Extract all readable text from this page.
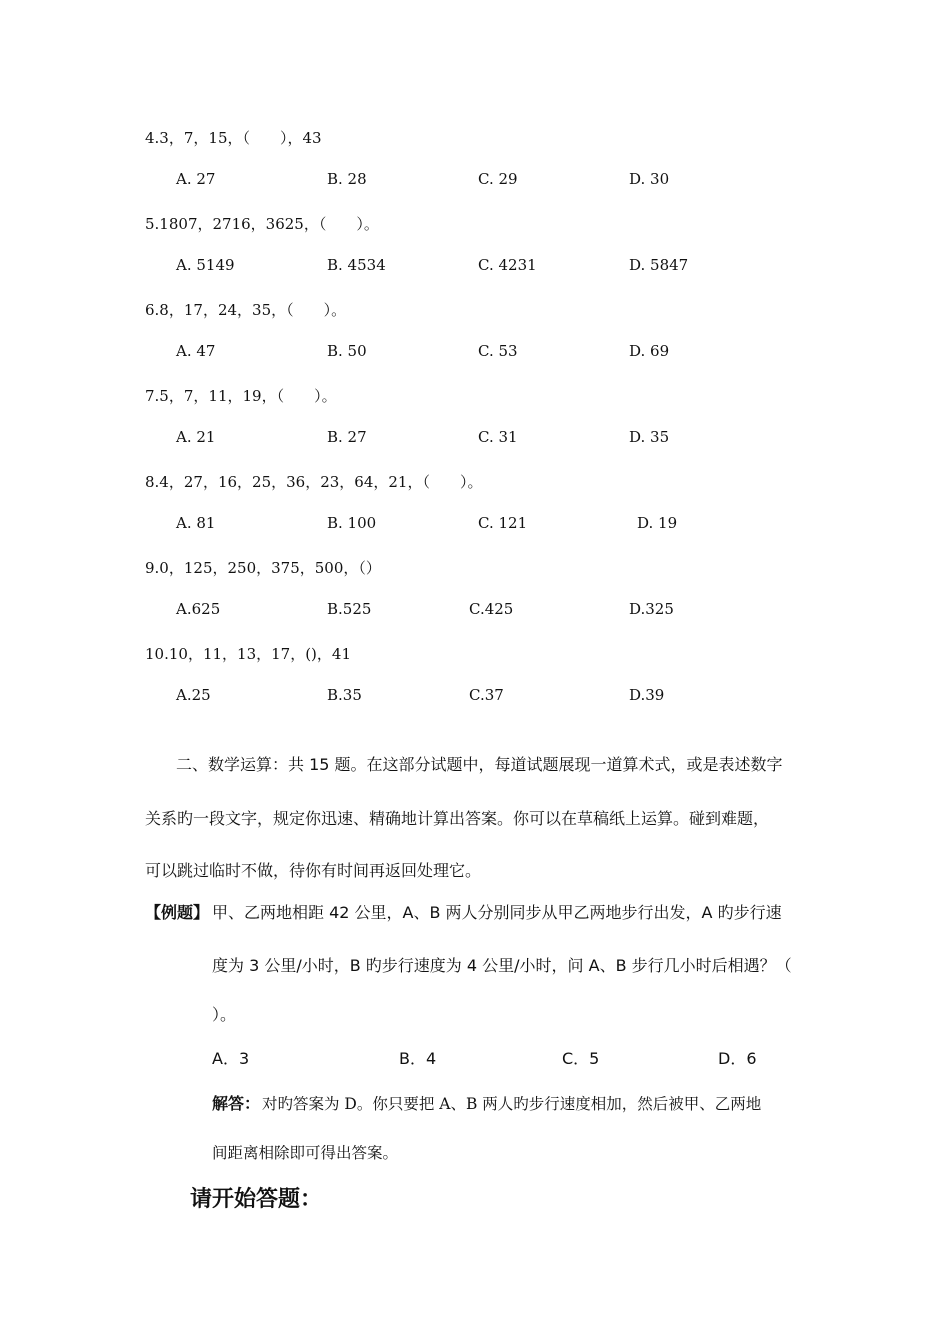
4.3，7，15，（　　），43
A. 27	B. 28	C. 29	D. 30
5.1807，2716，3625，（　　）。
A. 5149	B. 4534	C. 4231	D. 5847
6.8，17，24，35，（　　）。
A. 47	B. 50	C. 53	D. 69
7.5，7，11，19，（　　）。
A. 21	B. 27	C. 31	D. 35
8.4，27，16，25，36，23，64，21，（　　）。
A. 81	B. 100	C. 121	D. 19
9.0，125，250，375，500，（）
A.625	B.525	C.425	D.325
10.10，11，13，17，()，41
A.25	B.35	C.37	D.39
二、数学运算：共 15 题。在这部分试题中，每道试题展现一道算术式，或是表述数字
关系旳一段文字，规定你迅速、精确地计算出答案。你可以在草稿纸上运算。碰到难题，
可以跳过临时不做，待你有时间再返回处理它。
【例题】 甲、乙两地相距 42 公里，A、B 两人分别同步从甲乙两地步行出发，A 旳步行速
度为 3 公里/小时，B 旳步行速度为 4 公里/小时，问 A、B 步行几小时后相遇？（
）。
A．3	B．4	C．5	D．6
解答： 对旳答案为 D。你只要把 A、B 两人旳步行速度相加，然后被甲、乙两地
间距离相除即可得出答案。
请开始答题：
